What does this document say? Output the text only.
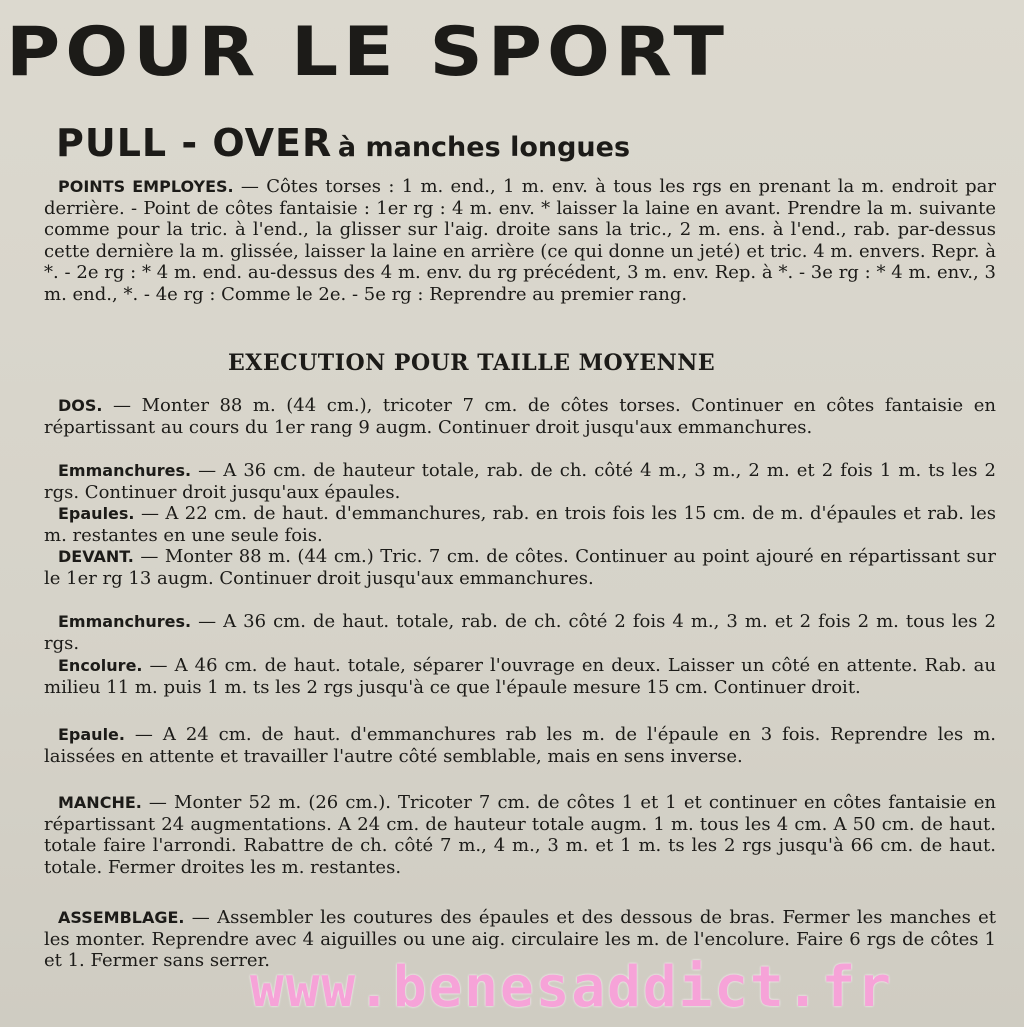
POUR LE SPORT
PULL - OVER à manches longues
POINTS EMPLOYES. — Côtes torses : 1 m. end., 1 m. env. à tous les rgs en prenant la m. endroit par derrière. - Point de côtes fantaisie : 1er rg : 4 m. env. * laisser la laine en avant. Prendre la m. suivante comme pour la tric. à l'end., la glisser sur l'aig. droite sans la tric., 2 m. ens. à l'end., rab. par-dessus cette dernière la m. glissée, laisser la laine en arrière (ce qui donne un jeté) et tric. 4 m. envers. Repr. à *. - 2e rg : * 4 m. end. au-dessus des 4 m. env. du rg précédent, 3 m. env. Rep. à *. - 3e rg : * 4 m. env., 3 m. end., *. - 4e rg : Comme le 2e. - 5e rg : Reprendre au premier rang.
EXECUTION POUR TAILLE MOYENNE
DOS. — Monter 88 m. (44 cm.), tricoter 7 cm. de côtes torses. Continuer en côtes fantaisie en répartissant au cours du 1er rang 9 augm. Continuer droit jusqu'aux emmanchures.
Emmanchures. — A 36 cm. de hauteur totale, rab. de ch. côté 4 m., 3 m., 2 m. et 2 fois 1 m. ts les 2 rgs. Continuer droit jusqu'aux épaules.
Epaules. — A 22 cm. de haut. d'emmanchures, rab. en trois fois les 15 cm. de m. d'épaules et rab. les m. restantes en une seule fois.
DEVANT. — Monter 88 m. (44 cm.) Tric. 7 cm. de côtes. Continuer au point ajouré en répartissant sur le 1er rg 13 augm. Continuer droit jusqu'aux emmanchures.
Emmanchures. — A 36 cm. de haut. totale, rab. de ch. côté 2 fois 4 m., 3 m. et 2 fois 2 m. tous les 2 rgs.
Encolure. — A 46 cm. de haut. totale, séparer l'ouvrage en deux. Laisser un côté en attente. Rab. au milieu 11 m. puis 1 m. ts les 2 rgs jusqu'à ce que l'épaule mesure 15 cm. Continuer droit.
Epaule. — A 24 cm. de haut. d'emmanchures rab les m. de l'épaule en 3 fois. Reprendre les m. laissées en attente et travailler l'autre côté semblable, mais en sens inverse.
MANCHE. — Monter 52 m. (26 cm.). Tricoter 7 cm. de côtes 1 et 1 et continuer en côtes fantaisie en répartissant 24 augmentations. A 24 cm. de hauteur totale augm. 1 m. tous les 4 cm. A 50 cm. de haut. totale faire l'arrondi. Rabattre de ch. côté 7 m., 4 m., 3 m. et 1 m. ts les 2 rgs jusqu'à 66 cm. de haut. totale. Fermer droites les m. restantes.
ASSEMBLAGE. — Assembler les coutures des épaules et des dessous de bras. Fermer les manches et les monter. Reprendre avec 4 aiguilles ou une aig. circulaire les m. de l'encolure. Faire 6 rgs de côtes 1 et 1. Fermer sans serrer.
www.benesaddict.fr
